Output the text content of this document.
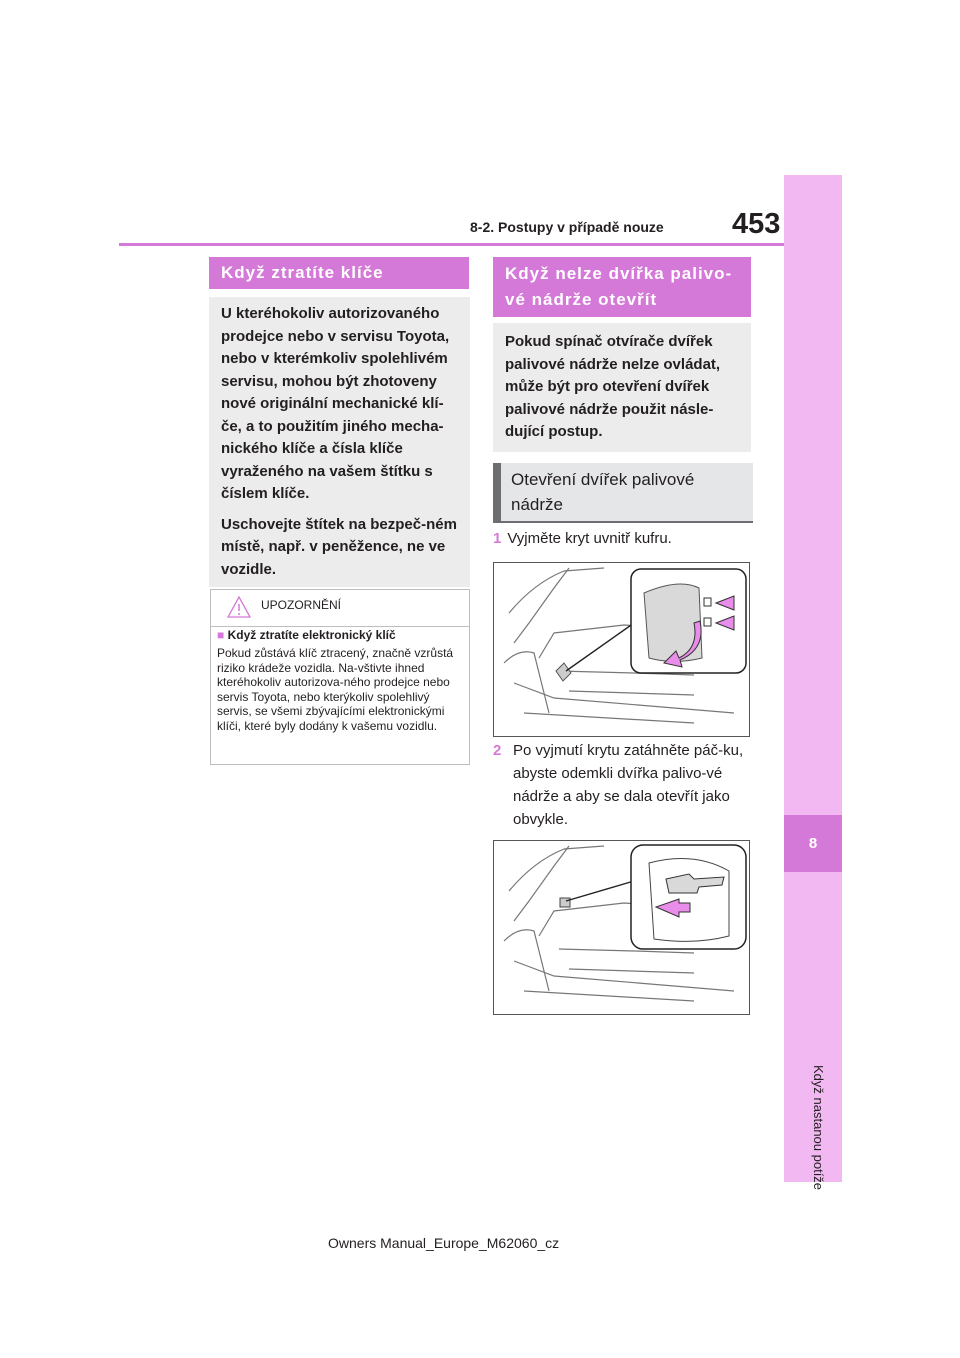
8
Když nastanou potíže
453
8-2. Postupy v případě nouze
Když ztratíte klíče

U kteréhokoliv autorizovaného prodejce nebo v servisu Toyota, nebo v kterémkoliv spolehlivém servisu, mohou být zhotoveny nové originální mechanické klí-če, a to použitím jiného mecha-nického klíče a čísla klíče vyraženého na vašem štítku s číslem klíče.

Uschovejte štítek na bezpeč-ném místě, např. v peněžence, ne ve vozidle.

UPOZORNĚNÍ
■ Když ztratíte elektronický klíč
Pokud zůstává klíč ztracený, značně vzrůstá riziko krádeže vozidla. Na-vštivte ihned kteréhokoliv autorizova-ného prodejce nebo servis Toyota, nebo kterýkoliv spolehlivý servis, se všemi zbývajícími elektronickými klíči, které byly dodány k vašemu vozidlu.
Když nelze dvířka palivo-vé nádrže otevřít

Pokud spínač otvírače dvířek palivové nádrže nelze ovládat, může být pro otevření dvířek palivové nádrže použit násle-dující postup.

Otevření dvířek palivové nádrže
1 Vyjměte kryt uvnitř kufru.
2 Po vyjmutí krytu zatáhněte páč-ku, abyste odemkli dvířka palivo-vé nádrže a aby se dala otevřít jako obvykle.
Owners Manual_Europe_M62060_cz
